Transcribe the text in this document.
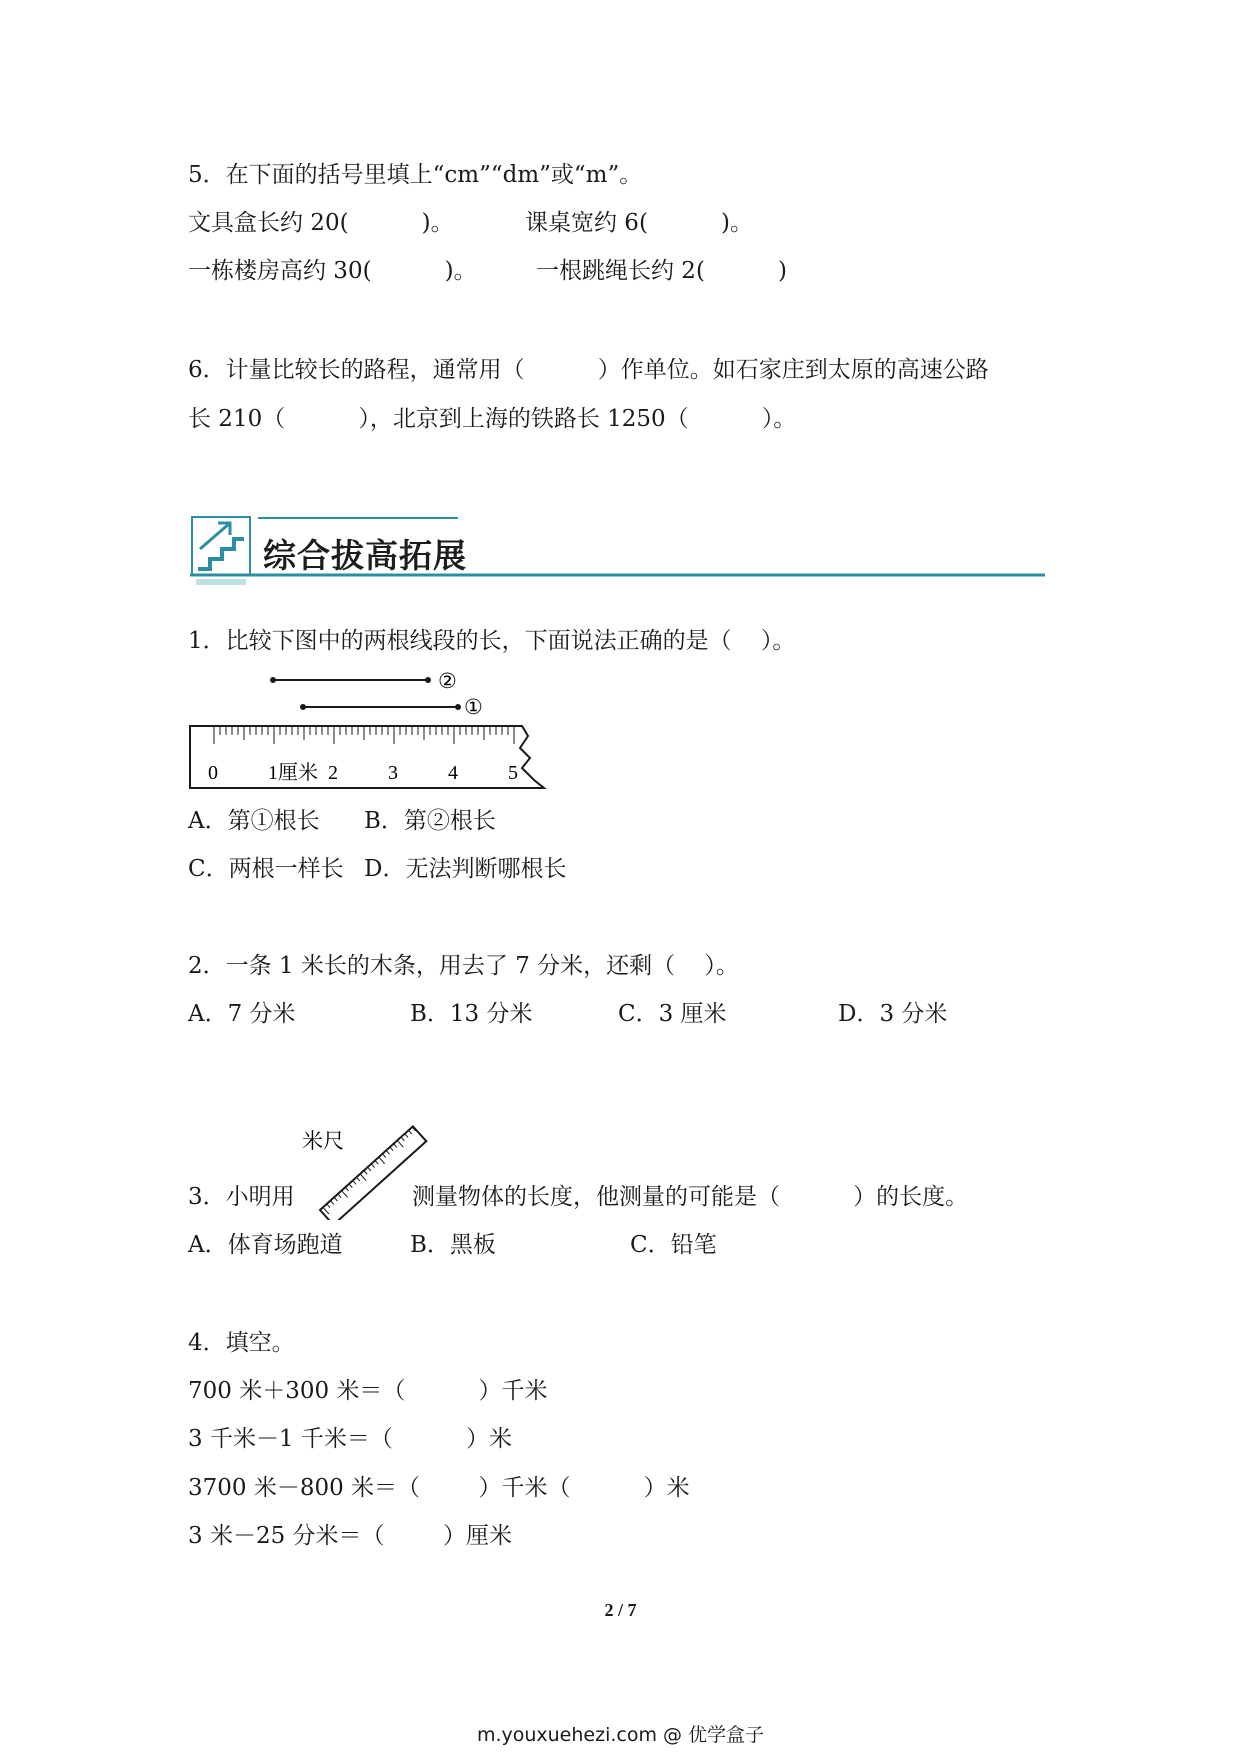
5．在下面的括号里填上“cm”“dm”或“m”。
文具盒长约 20(          )。	课桌宽约 6(          )。
一栋楼房高约 30(          )。	一根跳绳长约 2(          )
6．计量比较长的路程，通常用（          ）作单位。如石家庄到太原的高速公路
长 210（          ），北京到上海的铁路长 1250（          ）。
综合拔高拓展
1．比较下图中的两根线段的长，下面说法正确的是（    ）。
②
①
0	1厘米 2	3	4	5
A．第①根长 B．第②根长
C．两根一样长 D．无法判断哪根长
2．一条 1 米长的木条，用去了 7 分米，还剩（    ）。
A．7 分米	B．13 分米	C．3 厘米	D．3 分米
米尺
3．小明用	测量物体的长度，他测量的可能是（          ）的长度。
A．体育场跑道	B．黑板	C．铅笔
4．填空。
700 米＋300 米＝（          ）千米
3 千米－1 千米＝（          ）米
3700 米－800 米＝（        ）千米（          ）米
3 米－25 分米＝（        ）厘米
2 / 7
m.youxuehezi.com @ 优学盒子
